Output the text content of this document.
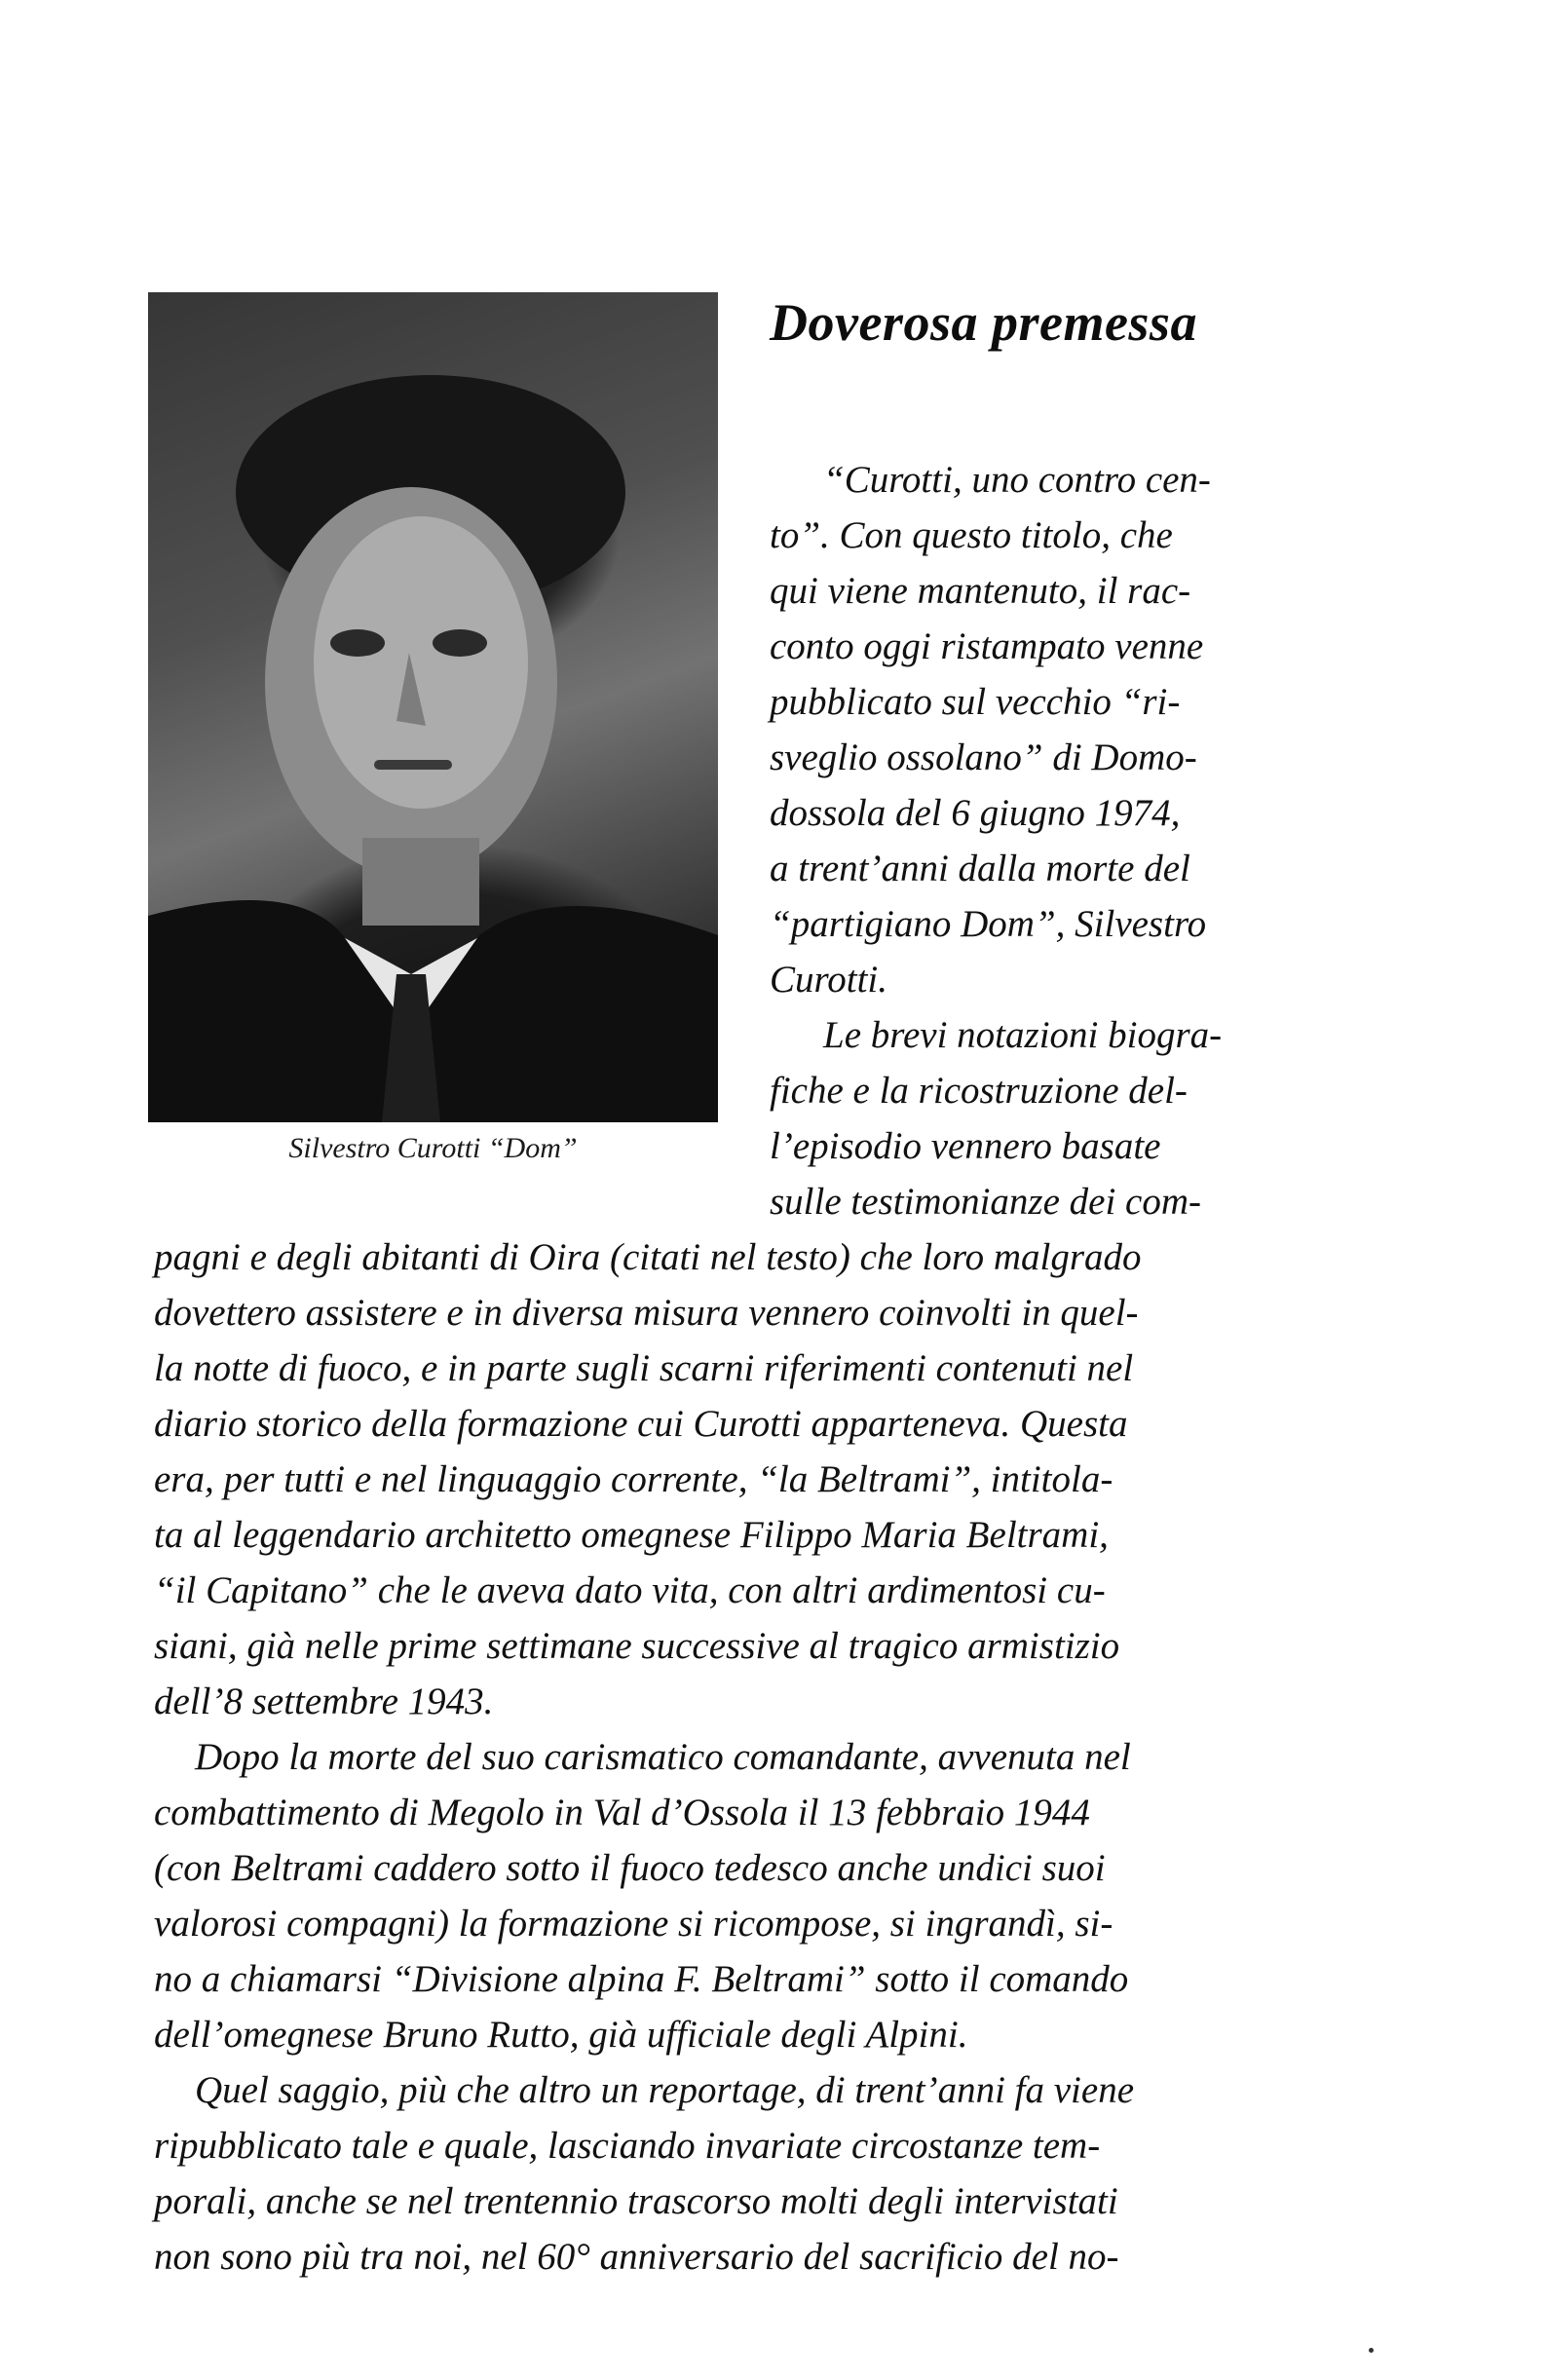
Silvestro Curotti “Dom”
Doverosa premessa
“Curotti, uno contro cen-
to”. Con questo titolo, che
qui viene mantenuto, il rac-
conto oggi ristampato venne
pubblicato sul vecchio “ri-
sveglio ossolano” di Domo-
dossola del 6 giugno 1974,
a trent’anni dalla morte del
“partigiano Dom”, Silvestro
Curotti.
Le brevi notazioni biogra-
fiche e la ricostruzione del-
l’episodio vennero basate
sulle testimonianze dei com-
pagni e degli abitanti di Oira (citati nel testo) che loro malgrado
dovettero assistere e in diversa misura vennero coinvolti in quel-
la notte di fuoco, e in parte sugli scarni riferimenti contenuti nel
diario storico della formazione cui Curotti apparteneva. Questa
era, per tutti e nel linguaggio corrente, “la Beltrami”, intitola-
ta al leggendario architetto omegnese Filippo Maria Beltrami,
“il Capitano” che le aveva dato vita, con altri ardimentosi cu-
siani, già nelle prime settimane successive al tragico armistizio
dell’8 settembre 1943.
Dopo la morte del suo carismatico comandante, avvenuta nel
combattimento di Megolo in Val d’Ossola il 13 febbraio 1944
(con Beltrami caddero sotto il fuoco tedesco anche undici suoi
valorosi compagni) la formazione si ricompose, si ingrandì, si-
no a chiamarsi “Divisione alpina F. Beltrami” sotto il comando
dell’omegnese Bruno Rutto, già ufficiale degli Alpini.
Quel saggio, più che altro un reportage, di trent’anni fa viene
ripubblicato tale e quale, lasciando invariate circostanze tem-
porali, anche se nel trentennio trascorso molti degli intervistati
non sono più tra noi, nel 60° anniversario del sacrificio del no-
